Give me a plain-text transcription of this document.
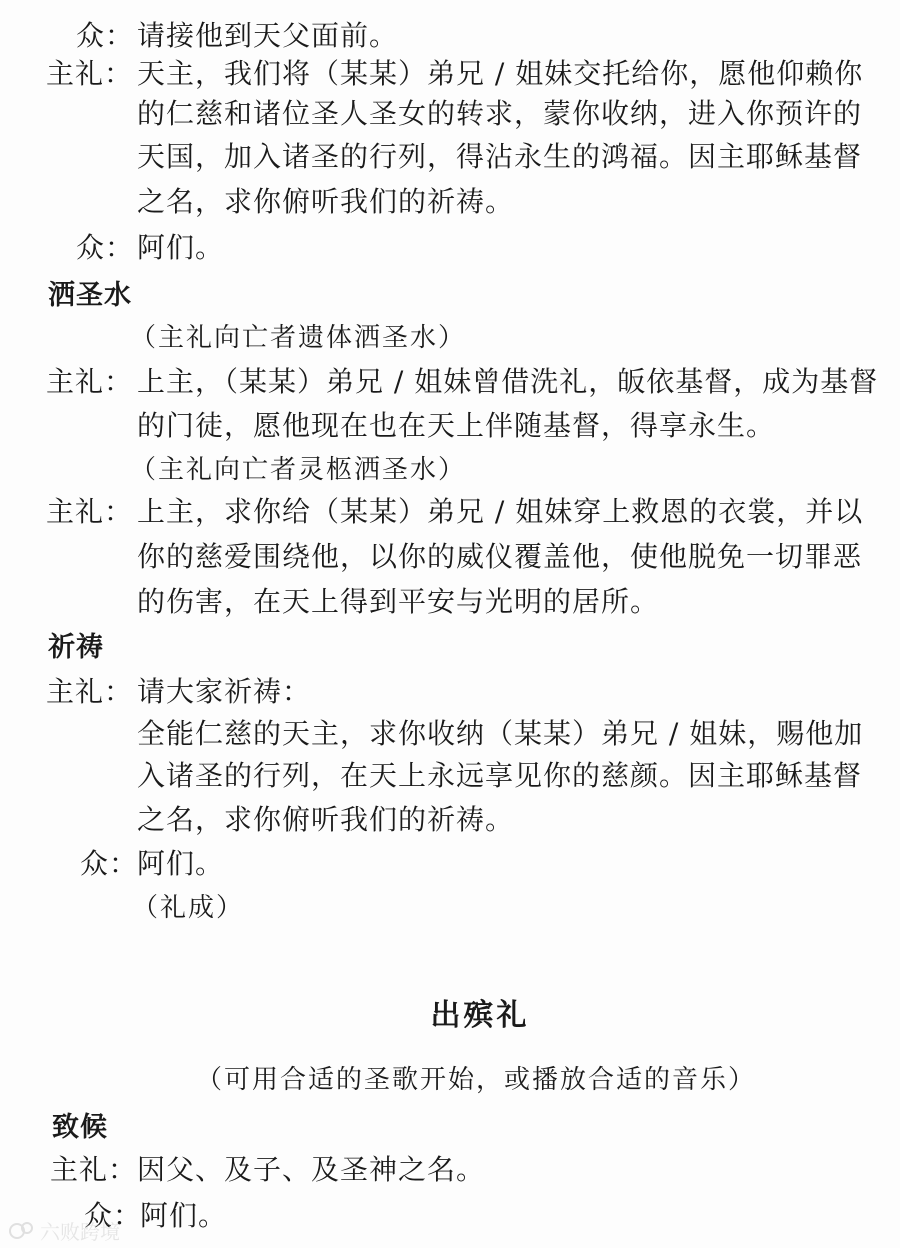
众： 请接他到天父面前。
主礼： 天主，我们将（某某）弟兄 / 姐妹交托给你，愿他仰赖你
的仁慈和诸位圣人圣女的转求，蒙你收纳，进入你预许的
天国，加入诸圣的行列，得沾永生的鸿福。因主耶稣基督
之名，求你俯听我们的祈祷。
众： 阿们。
洒圣水
（主礼向亡者遗体洒圣水）
主礼： 上主，（某某）弟兄 / 姐妹曾借洗礼，皈依基督，成为基督
的门徒，愿他现在也在天上伴随基督，得享永生。
（主礼向亡者灵柩洒圣水）
主礼： 上主，求你给（某某）弟兄 / 姐妹穿上救恩的衣裳，并以
你的慈爱围绕他，以你的威仪覆盖他，使他脱免一切罪恶
的伤害，在天上得到平安与光明的居所。
祈祷
主礼： 请大家祈祷：
全能仁慈的天主，求你收纳（某某）弟兄 / 姐妹，赐他加
入诸圣的行列，在天上永远享见你的慈颜。因主耶稣基督
之名，求你俯听我们的祈祷。
众：
阿们。
（礼成）
出殡礼
（可用合适的圣歌开始，或播放合适的音乐）
致候
主礼： 因父、及子、及圣神之名。
众：
阿们。
六败跨境
